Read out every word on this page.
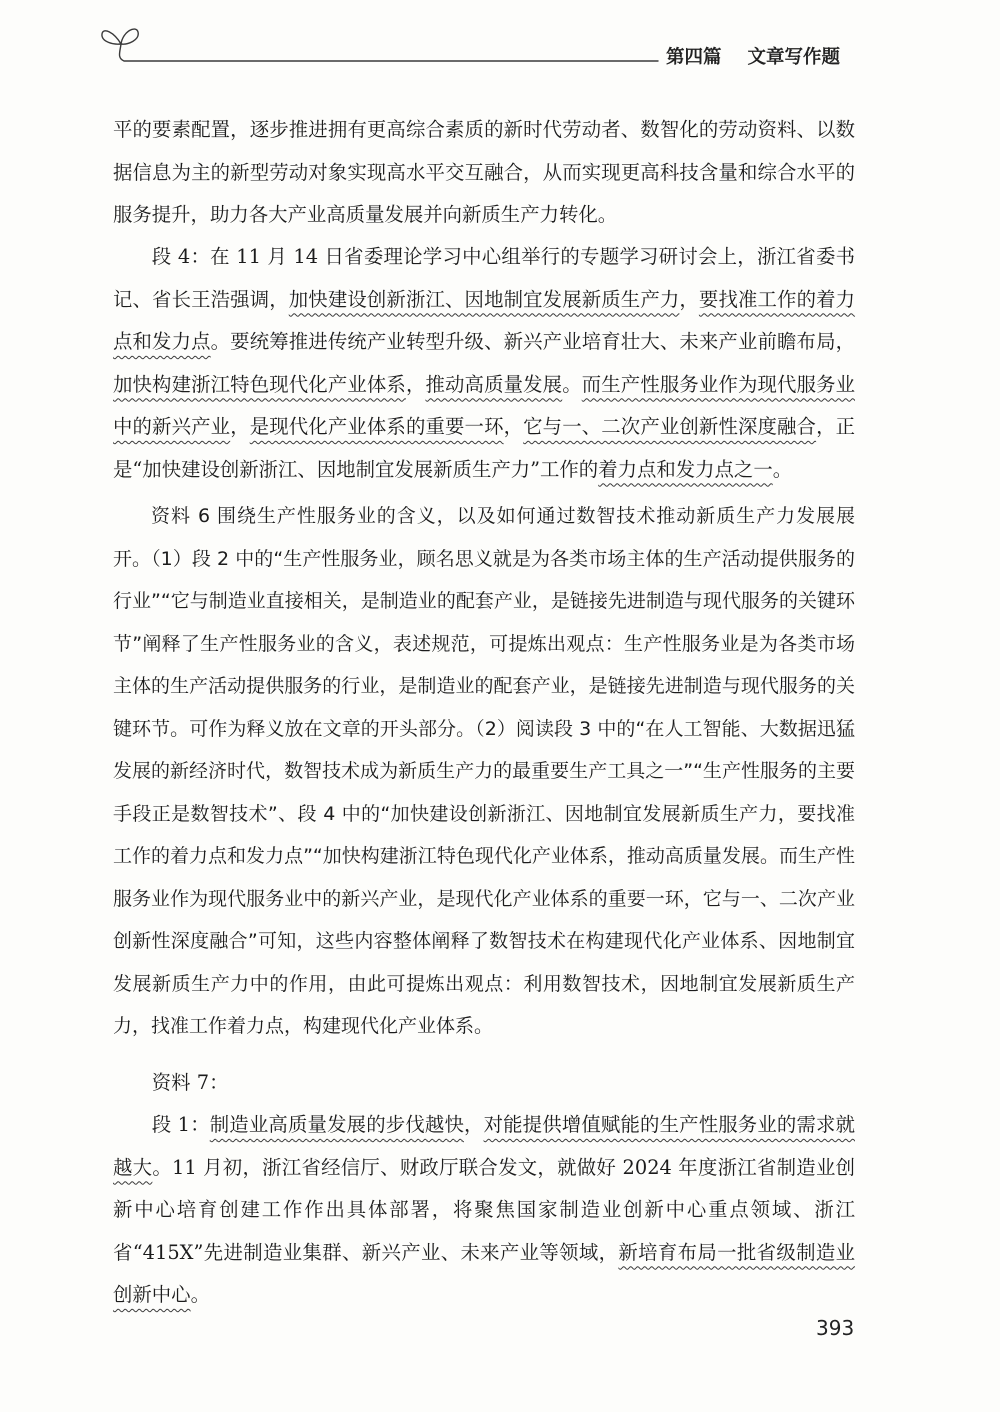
第四篇 文章写作题

平的要素配置，逐步推进拥有更高综合素质的新时代劳动者、数智化的劳动资料、以数据信息为主的新型劳动对象实现高水平交互融合，从而实现更高科技含量和综合水平的服务提升，助力各大产业高质量发展并向新质生产力转化。

段 4：在 11 月 14 日省委理论学习中心组举行的专题学习研讨会上，浙江省委书记、省长王浩强调，加快建设创新浙江、因地制宜发展新质生产力，要找准工作的着力点和发力点。要统筹推进传统产业转型升级、新兴产业培育壮大、未来产业前瞻布局，加快构建浙江特色现代化产业体系，推动高质量发展。而生产性服务业作为现代服务业中的新兴产业，是现代化产业体系的重要一环，它与一、二次产业创新性深度融合，正是“加快建设创新浙江、因地制宜发展新质生产力”工作的着力点和发力点之一。

资料 6 围绕生产性服务业的含义，以及如何通过数智技术推动新质生产力发展展开。（1）段 2 中的“生产性服务业，顾名思义就是为各类市场主体的生产活动提供服务的行业”“它与制造业直接相关，是制造业的配套产业，是链接先进制造与现代服务的关键环节”阐释了生产性服务业的含义，表述规范，可提炼出观点：生产性服务业是为各类市场主体的生产活动提供服务的行业，是制造业的配套产业，是链接先进制造与现代服务的关键环节。可作为释义放在文章的开头部分。（2）阅读段 3 中的“在人工智能、大数据迅猛发展的新经济时代，数智技术成为新质生产力的最重要生产工具之一”“生产性服务的主要手段正是数智技术”、段 4 中的“加快建设创新浙江、因地制宜发展新质生产力，要找准工作的着力点和发力点”“加快构建浙江特色现代化产业体系，推动高质量发展。而生产性服务业作为现代服务业中的新兴产业，是现代化产业体系的重要一环，它与一、二次产业创新性深度融合”可知，这些内容整体阐释了数智技术在构建现代化产业体系、因地制宜发展新质生产力中的作用，由此可提炼出观点：利用数智技术，因地制宜发展新质生产力，找准工作着力点，构建现代化产业体系。

资料 7：

段 1：制造业高质量发展的步伐越快，对能提供增值赋能的生产性服务业的需求就越大。11 月初，浙江省经信厅、财政厅联合发文，就做好 2024 年度浙江省制造业创新中心培育创建工作作出具体部署，将聚焦国家制造业创新中心重点领域、浙江省“415X”先进制造业集群、新兴产业、未来产业等领域，新培育布局一批省级制造业创新中心。

393
